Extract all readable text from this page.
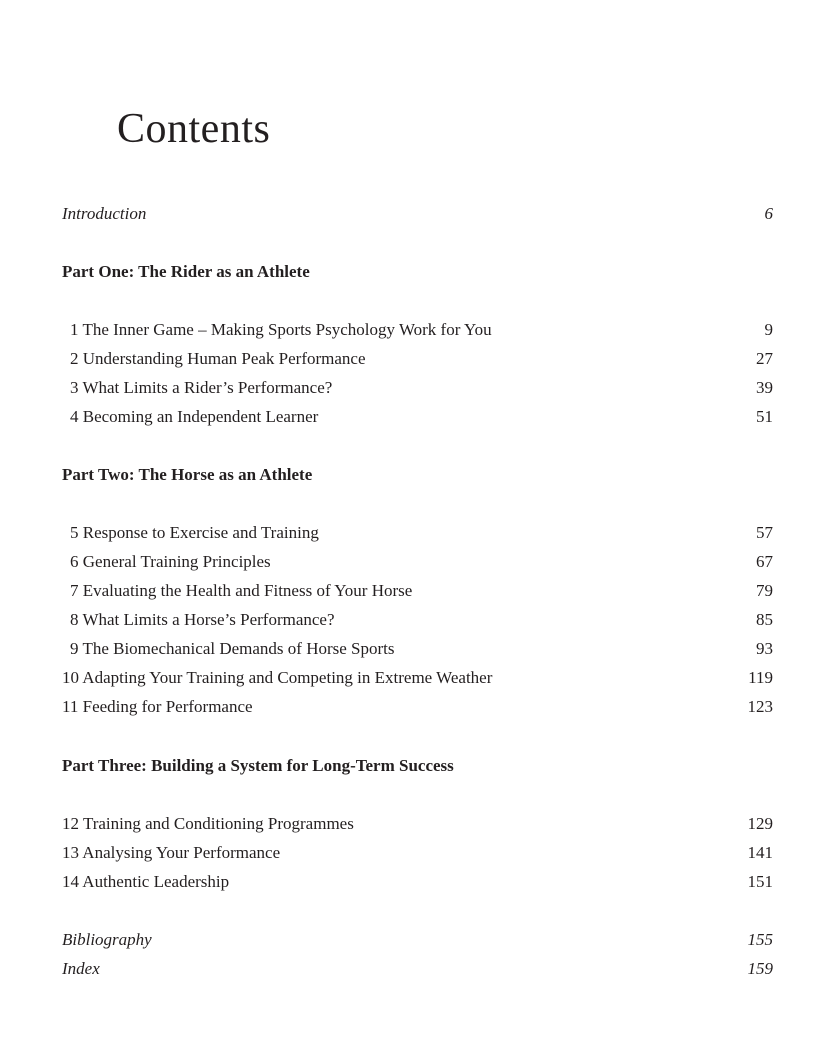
Contents
Introduction	6
Part One: The Rider as an Athlete
1 The Inner Game – Making Sports Psychology Work for You	9
2 Understanding Human Peak Performance	27
3 What Limits a Rider’s Performance?	39
4 Becoming an Independent Learner	51
Part Two: The Horse as an Athlete
5 Response to Exercise and Training	57
6 General Training Principles	67
7 Evaluating the Health and Fitness of Your Horse	79
8 What Limits a Horse’s Performance?	85
9 The Biomechanical Demands of Horse Sports	93
10 Adapting Your Training and Competing in Extreme Weather	119
11 Feeding for Performance	123
Part Three: Building a System for Long-Term Success
12 Training and Conditioning Programmes	129
13 Analysing Your Performance	141
14 Authentic Leadership	151
Bibliography	155
Index	159
